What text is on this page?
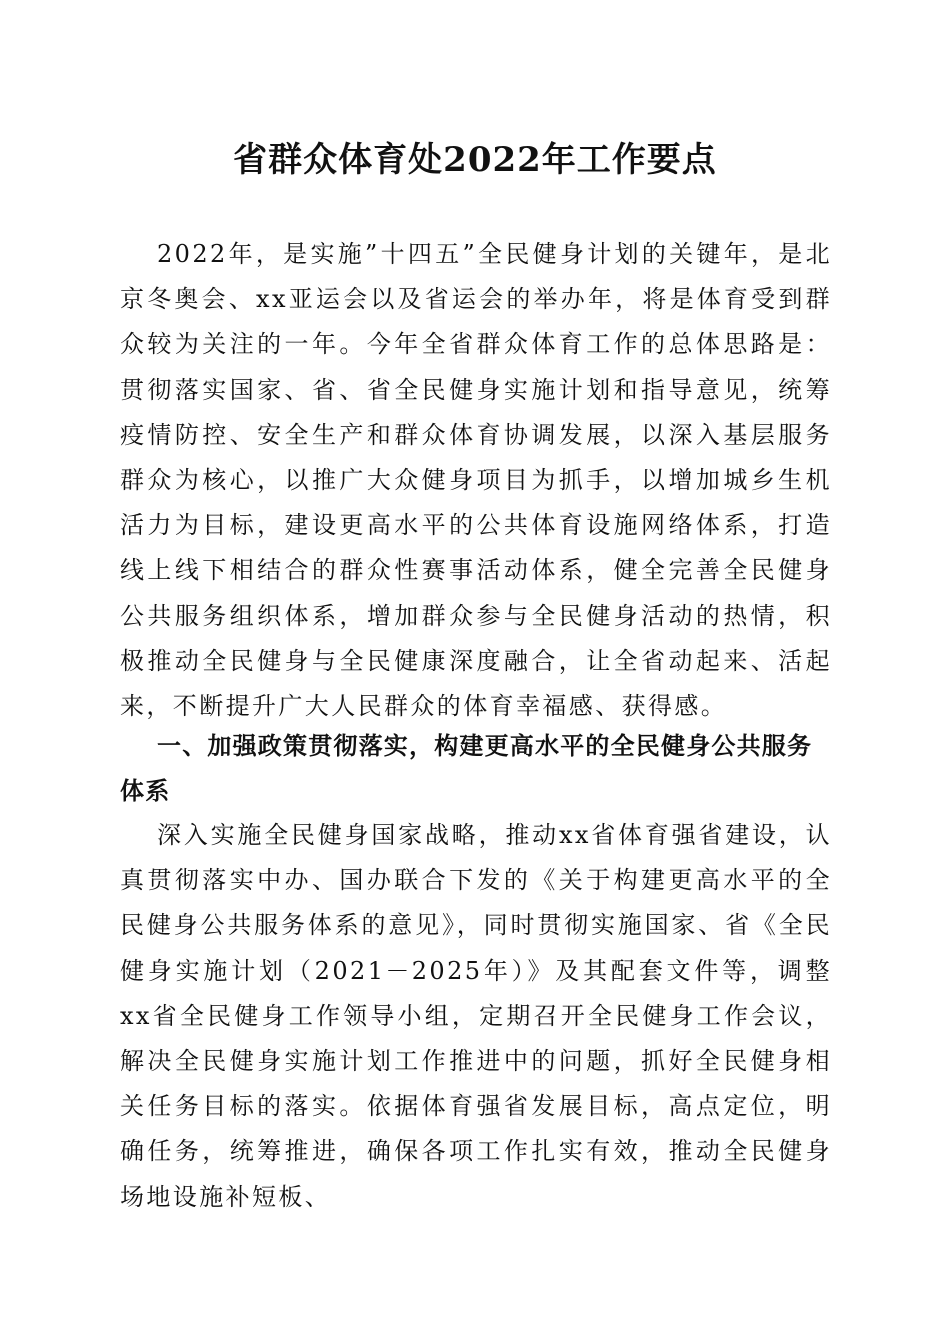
省群众体育处2022年工作要点

2022年，是实施”十四五”全民健身计划的关键年，是北京冬奥会、xx亚运会以及省运会的举办年，将是体育受到群众较为关注的一年。今年全省群众体育工作的总体思路是：贯彻落实国家、省、省全民健身实施计划和指导意见，统筹疫情防控、安全生产和群众体育协调发展，以深入基层服务群众为核心，以推广大众健身项目为抓手，以增加城乡生机活力为目标，建设更高水平的公共体育设施网络体系，打造线上线下相结合的群众性赛事活动体系，健全完善全民健身公共服务组织体系，增加群众参与全民健身活动的热情，积极推动全民健身与全民健康深度融合，让全省动起来、活起来，不断提升广大人民群众的体育幸福感、获得感。

一、加强政策贯彻落实，构建更高水平的全民健身公共服务体系

深入实施全民健身国家战略，推动xx省体育强省建设，认真贯彻落实中办、国办联合下发的《关于构建更高水平的全民健身公共服务体系的意见》，同时贯彻实施国家、省《全民健身实施计划（2021－2025年）》及其配套文件等，调整xx省全民健身工作领导小组，定期召开全民健身工作会议，解决全民健身实施计划工作推进中的问题，抓好全民健身相关任务目标的落实。依据体育强省发展目标，高点定位，明确任务，统筹推进，确保各项工作扎实有效，推动全民健身场地设施补短板、
